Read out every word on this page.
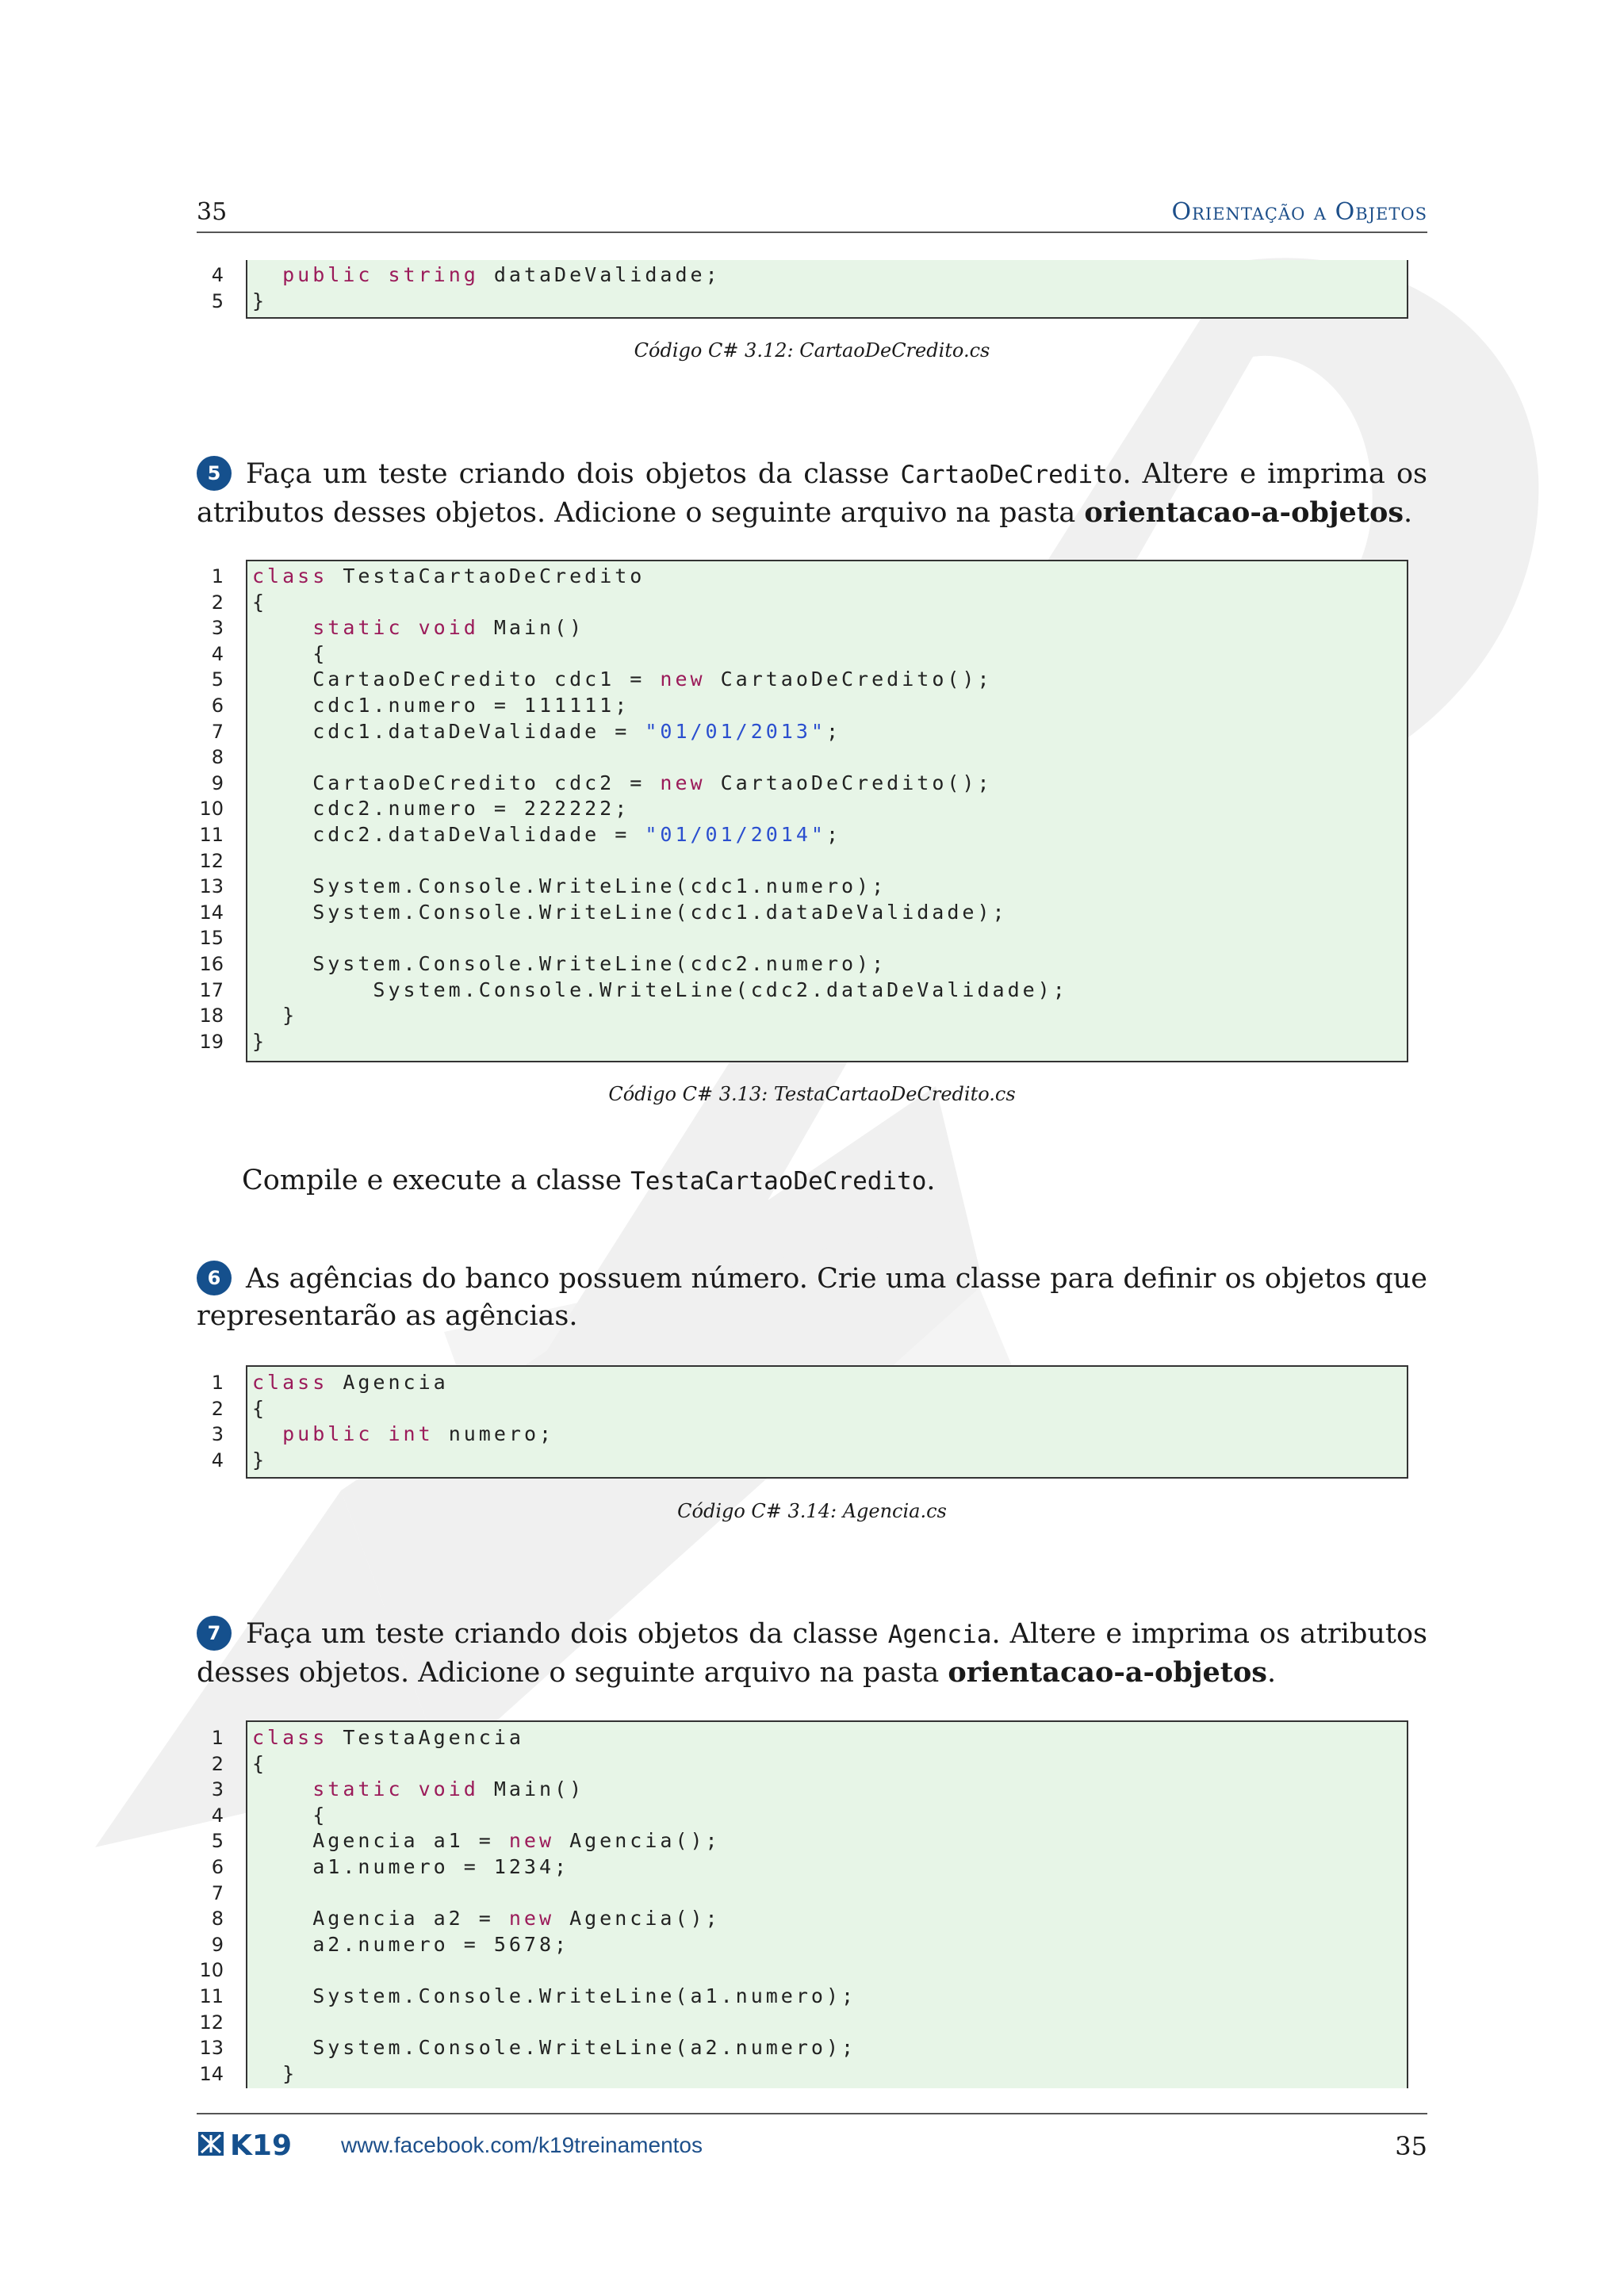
35	Orientação a Objetos
4	public string dataDeValidade;
5 }
Código C# 3.12: CartaoDeCredito.cs
5 Faça um teste criando dois objetos da classe CartaoDeCredito. Altere e imprima os atributos desses objetos. Adicione o seguinte arquivo na pasta orientacao-a-objetos.
1 class TestaCartaoDeCredito
2 {
3	static void Main()
4 {
5 CartaoDeCredito cdc1 = new CartaoDeCredito();
6 cdc1.numero = 111111;
7 cdc1.dataDeValidade = "01/01/2013";
8
9 CartaoDeCredito cdc2 = new CartaoDeCredito();
10 cdc2.numero = 222222;
11 cdc2.dataDeValidade = "01/01/2014";
12
13 System.Console.WriteLine(cdc1.numero);
14 System.Console.WriteLine(cdc1.dataDeValidade);
15
16 System.Console.WriteLine(cdc2.numero);
17 System.Console.WriteLine(cdc2.dataDeValidade);
18 }
19 }
Código C# 3.13: TestaCartaoDeCredito.cs
Compile e execute a classe TestaCartaoDeCredito.
6 As agências do banco possuem número. Crie uma classe para definir os objetos que representarão as agências.
1 class Agencia
2 {
3	public int numero;
4 }
Código C# 3.14: Agencia.cs
7 Faça um teste criando dois objetos da classe Agencia. Altere e imprima os atributos desses objetos. Adicione o seguinte arquivo na pasta orientacao-a-objetos.
1 class TestaAgencia
2 {
3	static void Main()
4 {
5 Agencia a1 = new Agencia();
6 a1.numero = 1234;
7
8 Agencia a2 = new Agencia();
9 a2.numero = 5678;
10
11 System.Console.WriteLine(a1.numero);
12
13 System.Console.WriteLine(a2.numero);
14 }
K19 www.facebook.com/k19treinamentos	35
